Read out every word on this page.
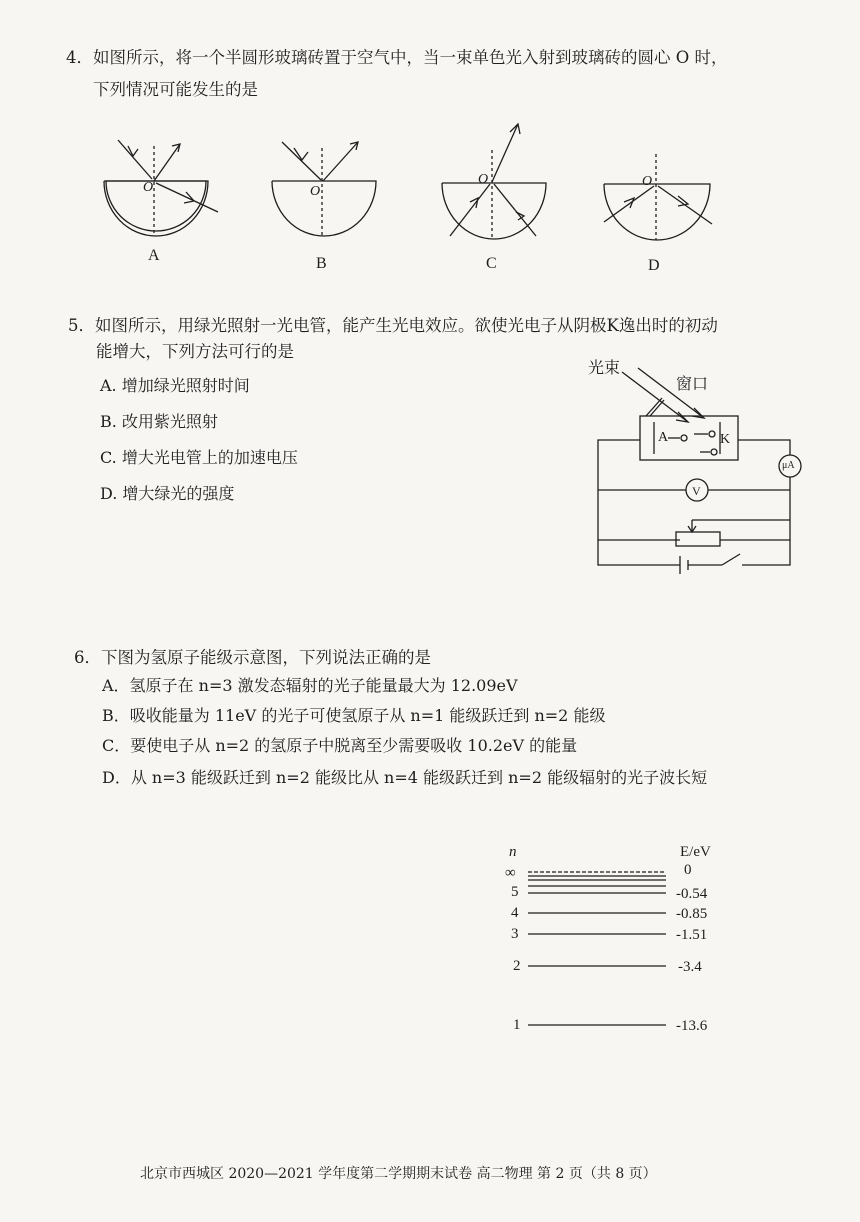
4．如图所示，将一个半圆形玻璃砖置于空气中，当一束单色光入射到玻璃砖的圆心 O 时，
下列情况可能发生的是
O
A
O
B
O
C
O
D
5．如图所示，用绿光照射一光电管，能产生光电效应。欲使光电子从阴极K逸出时的初动
能增大，下列方法可行的是
A. 增加绿光照射时间
B. 改用紫光照射
C. 增大光电管上的加速电压
D. 增大绿光的强度
光束
窗口
A	K
μA
V
6．下图为氢原子能级示意图，下列说法正确的是
A．氢原子在 n=3 激发态辐射的光子能量最大为 12.09eV
B．吸收能量为 11eV 的光子可使氢原子从 n=1 能级跃迁到 n=2 能级
C．要使电子从 n=2 的氢原子中脱离至少需要吸收 10.2eV 的能量
D．从 n=3 能级跃迁到 n=2 能级比从 n=4 能级跃迁到 n=2 能级辐射的光子波长短
n	E/eV
∞	0
5	-0.54
4	-0.85
3	-1.51
2	-3.4
1	-13.6
北京市西城区 2020—2021 学年度第二学期期末试卷 高二物理 第 2 页（共 8 页）
